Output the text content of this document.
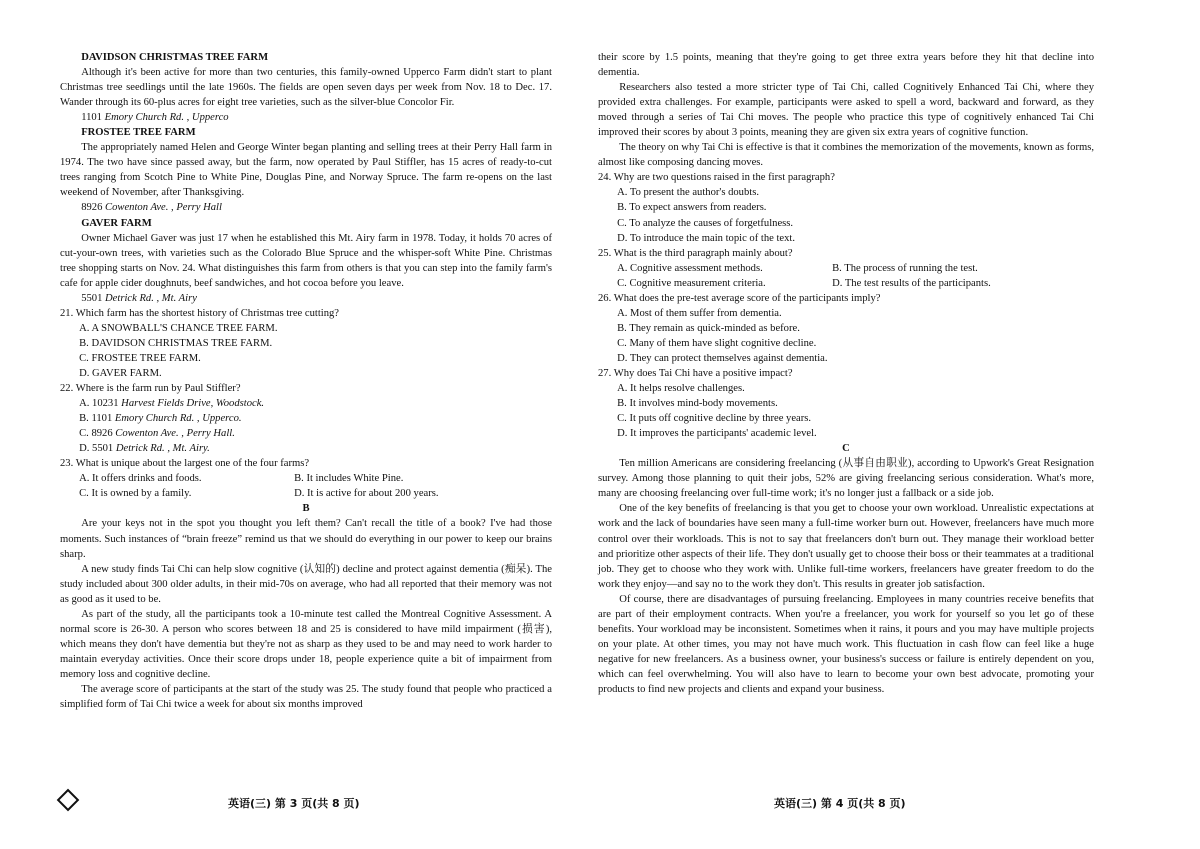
DAVIDSON CHRISTMAS TREE FARM

Although it's been active for more than two centuries, this family-owned Upperco Farm didn't start to plant Christmas tree seedlings until the late 1960s. The fields are open seven days per week from Nov. 18 to Dec. 17. Wander through its 60-plus acres for eight tree varieties, such as the silver-blue Concolor Fir.

1101 Emory Church Rd. , Upperco

FROSTEE TREE FARM

The appropriately named Helen and George Winter began planting and selling trees at their Perry Hall farm in 1974. The two have since passed away, but the farm, now operated by Paul Stiffler, has 15 acres of ready-to-cut trees ranging from Scotch Pine to White Pine, Douglas Pine, and Norway Spruce. The farm re-opens on the last weekend of November, after Thanksgiving.

8926 Cowenton Ave. , Perry Hall

GAVER FARM

Owner Michael Gaver was just 17 when he established this Mt. Airy farm in 1978. Today, it holds 70 acres of cut-your-own trees, with varieties such as the Colorado Blue Spruce and the whisper-soft White Pine. Christmas tree shopping starts on Nov. 24. What distinguishes this farm from others is that you can step into the family farm's cafe for apple cider doughnuts, beef sandwiches, and hot cocoa before you leave.

5501 Detrick Rd. , Mt. Airy

21. Which farm has the shortest history of Christmas tree cutting?

A. A SNOWBALL'S CHANCE TREE FARM.

B. DAVIDSON CHRISTMAS TREE FARM.

C. FROSTEE TREE FARM.

D. GAVER FARM.

22. Where is the farm run by Paul Stiffler?

A. 10231 Harvest Fields Drive, Woodstock.

B. 1101 Emory Church Rd. , Upperco.

C. 8926 Cowenton Ave. , Perry Hall.

D. 5501 Detrick Rd. , Mt. Airy.

23. What is unique about the largest one of the four farms?

A. It offers drinks and foods.	B. It includes White Pine.
C. It is owned by a family.	D. It is active for about 200 years.

B

Are your keys not in the spot you thought you left them? Can't recall the title of a book? I've had those moments. Such instances of “brain freeze” remind us that we should do everything in our power to keep our brains sharp.

A new study finds Tai Chi can help slow cognitive (认知的) decline and protect against dementia (痴呆). The study included about 300 older adults, in their mid-70s on average, who had all reported that their memory was not as good as it used to be.

As part of the study, all the participants took a 10-minute test called the Montreal Cognitive Assessment. A normal score is 26-30. A person who scores between 18 and 25 is considered to have mild impairment (损害), which means they don't have dementia but they're not as sharp as they used to be and may need to work harder to maintain everyday activities. Once their score drops under 18, people experience quite a bit of impairment from memory loss and cognitive decline.

The average score of participants at the start of the study was 25. The study found that people who practiced a simplified form of Tai Chi twice a week for about six months improved

their score by 1.5 points, meaning that they're going to get three extra years before they hit that decline into dementia.

Researchers also tested a more stricter type of Tai Chi, called Cognitively Enhanced Tai Chi, where they provided extra challenges. For example, participants were asked to spell a word, backward and forward, as they moved through a series of Tai Chi moves. The people who practice this type of cognitively enhanced Tai Chi improved their scores by about 3 points, meaning they are given six extra years of cognitive function.

The theory on why Tai Chi is effective is that it combines the memorization of the movements, known as forms, almost like composing dancing moves.

24. Why are two questions raised in the first paragraph?

A. To present the author's doubts.

B. To expect answers from readers.

C. To analyze the causes of forgetfulness.

D. To introduce the main topic of the text.

25. What is the third paragraph mainly about?

A. Cognitive assessment methods.	B. The process of running the test.
C. Cognitive measurement criteria.	D. The test results of the participants.

26. What does the pre-test average score of the participants imply?

A. Most of them suffer from dementia.

B. They remain as quick-minded as before.

C. Many of them have slight cognitive decline.

D. They can protect themselves against dementia.

27. Why does Tai Chi have a positive impact?

A. It helps resolve challenges.

B. It involves mind-body movements.

C. It puts off cognitive decline by three years.

D. It improves the participants' academic level.

C

Ten million Americans are considering freelancing (从事自由职业), according to Upwork's Great Resignation survey. Among those planning to quit their jobs, 52% are giving freelancing serious consideration. What's more, many are choosing freelancing over full-time work; it's no longer just a fallback or a side job.

One of the key benefits of freelancing is that you get to choose your own workload. Unrealistic expectations at work and the lack of boundaries have seen many a full-time worker burn out. However, freelancers have much more control over their workloads. This is not to say that freelancers don't burn out. They manage their workload better and prioritize other aspects of their life. They don't usually get to choose their boss or their teammates at a traditional job. They get to choose who they work with. Unlike full-time workers, freelancers have greater freedom to do the work they enjoy—and say no to the work they don't. This results in greater job satisfaction.

Of course, there are disadvantages of pursuing freelancing. Employees in many countries receive benefits that are part of their employment contracts. When you're a freelancer, you work for yourself so you let go of these benefits. Your workload may be inconsistent. Sometimes when it rains, it pours and you may have multiple projects on your plate. At other times, you may not have much work. This fluctuation in cash flow can feel like a huge negative for new freelancers. As a business owner, your business's success or failure is entirely dependent on you, which can feel overwhelming. You will also have to learn to become your own best advocate, promoting your products to find new projects and clients and expand your business.

英语(三) 第 3 页(共 8 页)	英语(三) 第 4 页(共 8 页)
